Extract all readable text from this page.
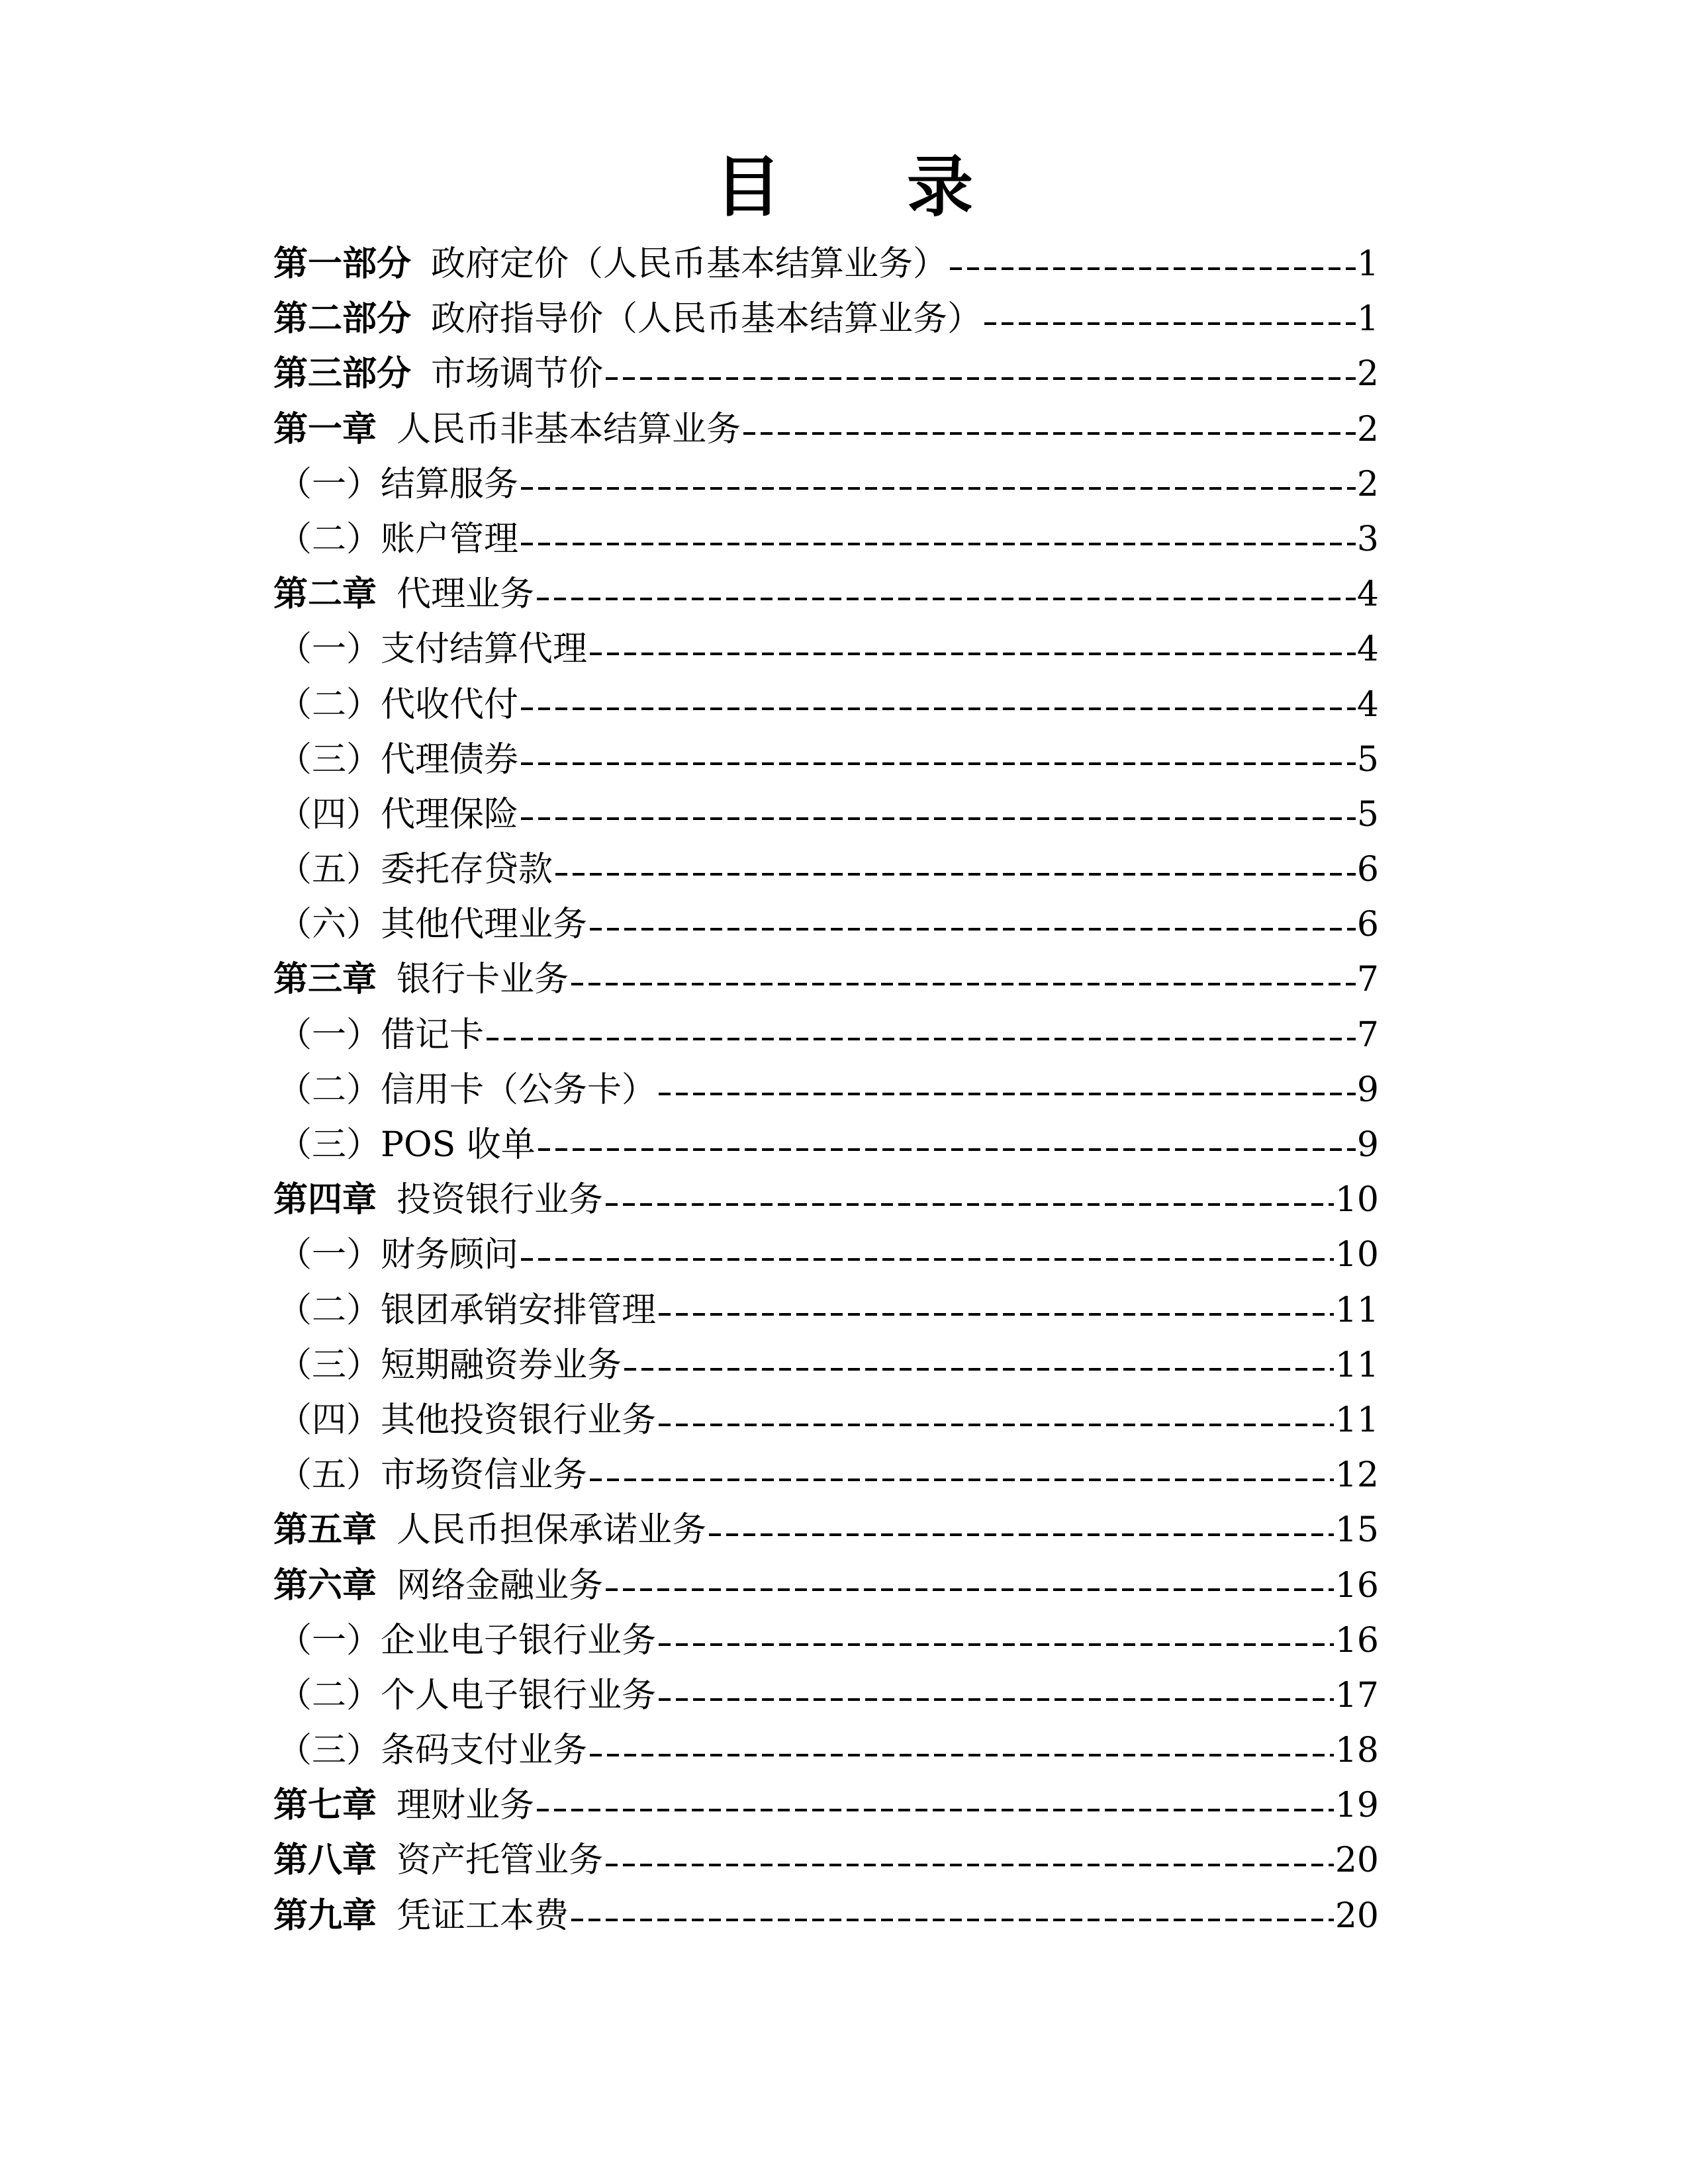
目 录
第一部分 政府定价（人民币基本结算业务）	1
第二部分 政府指导价（人民币基本结算业务）	1
第三部分 市场调节价	2
第一章 人民币非基本结算业务	2
（一）结算服务	2
（二）账户管理	3
第二章 代理业务	4
（一）支付结算代理	4
（二）代收代付	4
（三）代理债券	5
（四）代理保险	5
（五）委托存贷款	6
（六）其他代理业务	6
第三章 银行卡业务	7
（一）借记卡	7
（二）信用卡（公务卡）	9
（三）POS 收单	9
第四章 投资银行业务	10
（一）财务顾问	10
（二）银团承销安排管理	11
（三）短期融资券业务	11
（四）其他投资银行业务	11
（五）市场资信业务	12
第五章 人民币担保承诺业务	15
第六章 网络金融业务	16
（一）企业电子银行业务	16
（二）个人电子银行业务	17
（三）条码支付业务	18
第七章 理财业务	19
第八章 资产托管业务	20
第九章 凭证工本费	20
